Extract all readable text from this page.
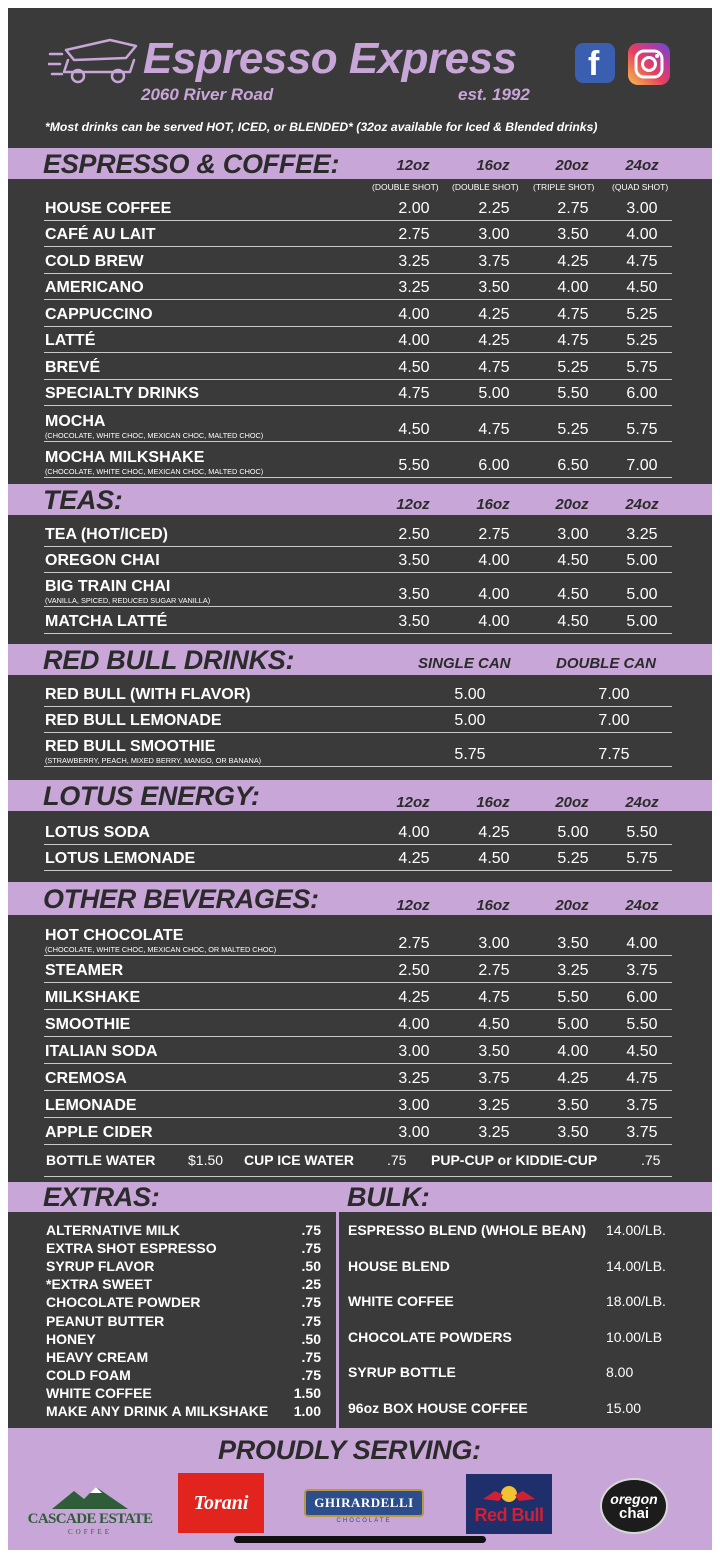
Espresso Express
2060 River Road	est. 1992
f
*Most drinks can be served HOT, ICED, or BLENDED* (32oz available for Iced & Blended drinks)
ESPRESSO & COFFEE:	12oz	16oz	20oz	24oz
(DOUBLE SHOT) (DOUBLE SHOT) (TRIPLE SHOT) (QUAD SHOT)
HOUSE COFFEE	2.00	2.25	2.75	3.00
CAFÉ AU LAIT	2.75	3.00	3.50	4.00
COLD BREW	3.25	3.75	4.25	4.75
AMERICANO	3.25	3.50	4.00	4.50
CAPPUCCINO	4.00	4.25	4.75	5.25
LATTÉ	4.00	4.25	4.75	5.25
BREVÉ	4.50	4.75	5.25	5.75
SPECIALTY DRINKS	4.75	5.00	5.50	6.00
MOCHA
(CHOCOLATE, WHITE CHOC, MEXICAN CHOC, MALTED CHOC)	4.50	4.75	5.25	5.75
MOCHA MILKSHAKE
(CHOCOLATE, WHITE CHOC, MEXICAN CHOC, MALTED CHOC)	5.50	6.00	6.50	7.00
TEAS:	12oz	16oz	20oz	24oz
TEA (HOT/ICED)	2.50	2.75	3.00	3.25
OREGON CHAI	3.50	4.00	4.50	5.00
BIG TRAIN CHAI
(VANILLA, SPICED, REDUCED SUGAR VANILLA)	3.50	4.00	4.50	5.00
MATCHA LATTÉ	3.50	4.00	4.50	5.00
RED BULL DRINKS:	SINGLE CAN	DOUBLE CAN
RED BULL (WITH FLAVOR)	5.00	7.00
RED BULL LEMONADE	5.00	7.00
RED BULL SMOOTHIE
(STRAWBERRY, PEACH, MIXED BERRY, MANGO, OR BANANA)	5.75	7.75
LOTUS ENERGY:	12oz	16oz	20oz	24oz
LOTUS SODA	4.00	4.25	5.00	5.50
LOTUS LEMONADE	4.25	4.50	5.25	5.75
OTHER BEVERAGES:	12oz	16oz	20oz	24oz
HOT CHOCOLATE
(CHOCOLATE, WHITE CHOC, MEXICAN CHOC, OR MALTED CHOC)	2.75	3.00	3.50	4.00
STEAMER	2.50	2.75	3.25	3.75
MILKSHAKE	4.25	4.75	5.50	6.00
SMOOTHIE	4.00	4.50	5.00	5.50
ITALIAN SODA	3.00	3.50	4.00	4.50
CREMOSA	3.25	3.75	4.25	4.75
LEMONADE	3.00	3.25	3.50	3.75
APPLE CIDER	3.00	3.25	3.50	3.75
BOTTLE WATER $1.50 CUP ICE WATER .75 PUP-CUP or KIDDIE-CUP	.75
EXTRAS:	BULK:
ALTERNATIVE MILK	.75
EXTRA SHOT ESPRESSO	.75
SYRUP FLAVOR	.50
*EXTRA SWEET	.25
CHOCOLATE POWDER	.75
PEANUT BUTTER	.75
HONEY	.50
HEAVY CREAM	.75
COLD FOAM	.75
WHITE COFFEE	1.50
MAKE ANY DRINK A MILKSHAKE	1.00
ESPRESSO BLEND (WHOLE BEAN) 14.00/LB.
HOUSE BLEND	14.00/LB.
WHITE COFFEE	18.00/LB.
CHOCOLATE POWDERS	10.00/LB
SYRUP BOTTLE	8.00
96oz BOX HOUSE COFFEE	15.00
PROUDLY SERVING:
CASCADE ESTATE
COFFEE
Torani	GHIRARDELLI
CHOCOLATE	Red Bull
oregon
chai
